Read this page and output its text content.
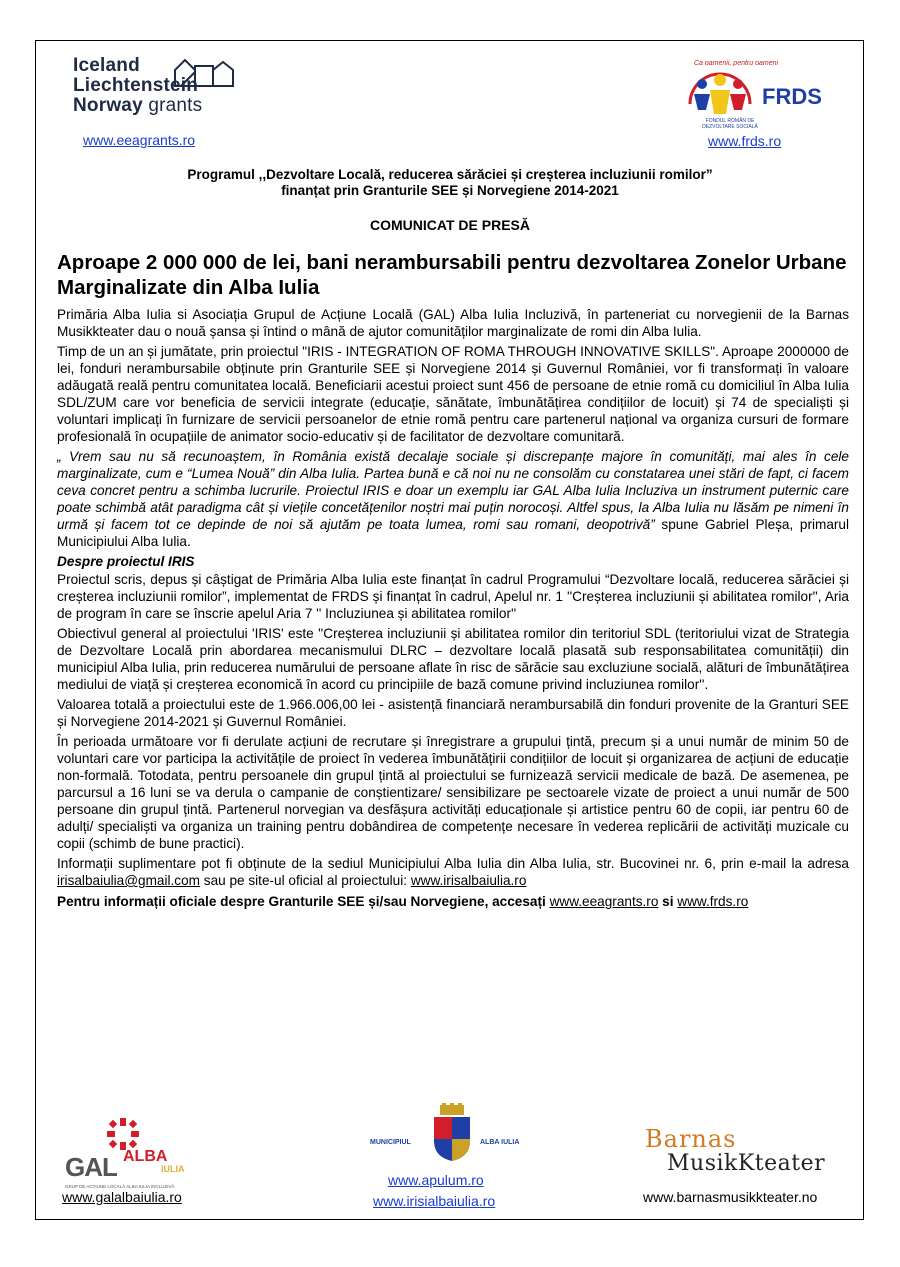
Iceland
Liechtenstein
Norway grants
www.eeagrants.ro
Ca oamenii, pentru oameni
FRDS
FONDUL ROMÂN DE DEZVOLTARE SOCIALĂ
www.frds.ro
Programul ,,Dezvoltare Locală, reducerea sărăciei și creșterea incluziunii romilor”
finanțat prin Granturile SEE și Norvegiene 2014-2021
COMUNICAT DE PRESĂ
Aproape 2 000 000 de lei, bani nerambursabili pentru dezvoltarea Zonelor Urbane Marginalizate din Alba Iulia

Primăria Alba Iulia si Asociația Grupul de Acțiune Locală (GAL) Alba Iulia Incluzivă, în parteneriat cu norvegienii de la Barnas Musikkteater dau o nouă șansa și întind o mână de ajutor comunităților marginalizate de romi din Alba Iulia.

Timp de un an și jumătate, prin proiectul "IRIS - INTEGRATION OF ROMA THROUGH INNOVATIVE SKILLS". Aproape 2000000 de lei, fonduri nerambursabile obținute prin Granturile SEE și Norvegiene 2014 și Guvernul României, vor fi transformați în valoare adăugată reală pentru comunitatea locală. Beneficiarii acestui proiect sunt 456 de persoane de etnie romă cu domiciliul în Alba Iulia SDL/ZUM care vor beneficia de servicii integrate (educație, sănătate, îmbunătățirea condițiilor de locuit) și 74 de specialiști și voluntari implicați în furnizare de servicii persoanelor de etnie romă pentru care partenerul național va organiza cursuri de formare profesională în ocupațiile de animator socio-educativ și de facilitator de dezvoltare comunitară.

„ Vrem sau nu să recunoaștem, în România există decalaje sociale și discrepanțe majore în comunități, mai ales în cele marginalizate, cum e “Lumea Nouă” din Alba Iulia. Partea bună e că noi nu ne consolăm cu constatarea unei stări de fapt, ci facem ceva concret pentru a schimba lucrurile. Proiectul IRIS e doar un exemplu iar GAL Alba Iulia Incluziva un instrument puternic care poate schimbă atât paradigma cât și viețile concetățenilor noștri mai puțin norocoși. Altfel spus, la Alba Iulia nu lăsăm pe nimeni în urmă și facem tot ce depinde de noi să ajutăm pe toata lumea, romi sau romani, deopotrivă” spune Gabriel Pleșa, primarul Municipiului Alba Iulia.

Despre proiectul IRIS

Proiectul scris, depus și câștigat de Primăria Alba Iulia este finanțat în cadrul Programului “Dezvoltare locală, reducerea sărăciei și creșterea incluziunii romilor”, implementat de FRDS și finanțat în cadrul, Apelul nr. 1 ''Creșterea incluziunii și abilitatea romilor'', Aria de program în care se înscrie apelul Aria 7 '' Incluziunea și abilitatea romilor''

Obiectivul general al proiectului 'IRIS' este ''Creșterea incluziunii și abilitatea romilor din teritoriul SDL (teritoriului vizat de Strategia de Dezvoltare Locală prin abordarea mecanismului DLRC – dezvoltare locală plasată sub responsabilitatea comunității) din municipiul Alba Iulia, prin reducerea numărului de persoane aflate în risc de sărăcie sau excluziune socială, alături de îmbunătățirea mediului de viață și creșterea economică în acord cu principiile de bază comune privind incluziunea romilor''.

Valoarea totală a proiectului este de 1.966.006,00 lei - asistență financiară nerambursabilă din fonduri provenite de la Granturi SEE și Norvegiene 2014-2021 și Guvernul României.

În perioada următoare vor fi derulate acțiuni de recrutare și înregistrare a grupului țintă, precum și a unui număr de minim 50 de voluntari care vor participa la activitățile de proiect în vederea îmbunătățirii condițiilor de locuit și organizarea de acțiuni de educație non-formală. Totodata, pentru persoanele din grupul țintă al proiectului se furnizează servicii medicale de bază. De asemenea, pe parcursul a 16 luni se va derula o campanie de conștientizare/ sensibilizare pe sectoarele vizate de proiect a unui număr de 500 persoane din grupul țintă. Partenerul norvegian va desfășura activități educaționale și artistice pentru 60 de copii, iar pentru 60 de adulți/ specialiști va organiza un training pentru dobândirea de competențe necesare în vederea replicării de activități muzicale cu copii (schimb de bune practici).

Informații suplimentare pot fi obținute de la sediul Municipiului Alba Iulia din Alba Iulia, str. Bucovinei nr. 6, prin e-mail la adresa irisalbaiulia@gmail.com sau pe site-ul oficial al proiectului: www.irisalbaiulia.ro

Pentru informații oficiale despre Granturile SEE și/sau Norvegiene, accesați www.eeagrants.ro si www.frds.ro

GAL ALBA
IULIA
GRUP DE ACȚIUNE LOCALĂ ALBA IULIA INCLUZIVĂ
www.galalbaiulia.ro
MUNICIPIUL	ALBA IULIA
www.apulum.ro
www.irisialbaiulia.ro
Barnas
MusikKteater
www.barnasmusikkteater.no
